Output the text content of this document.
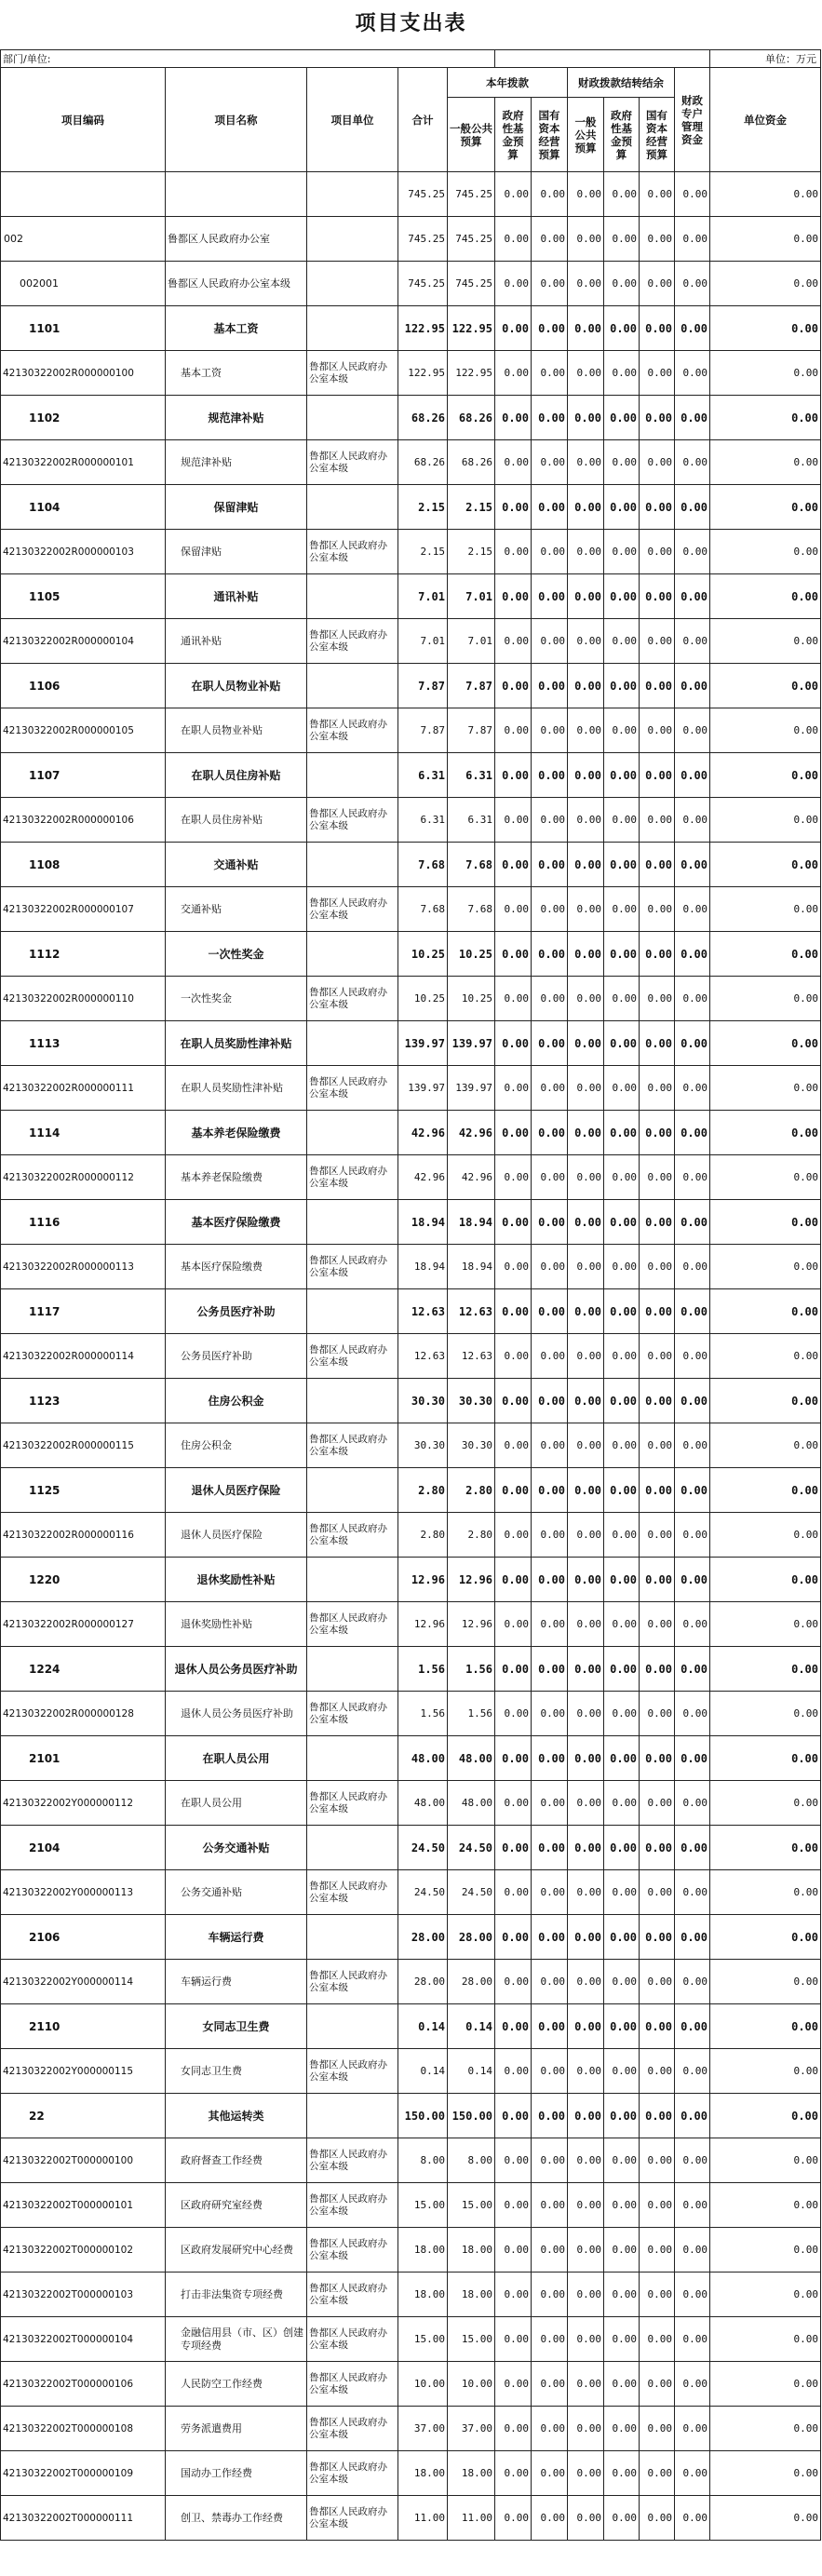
项目支出表
部门/单位:											单位：万元
项目编码	项目名称	项目单位	合计	本年拨款			财政拨款结转结余			财政专户管理资金	单位资金
				一般公共预算	政府性基金预算	国有资本经营预算	一般公共预算	政府性基金预算	国有资本经营预算		
			745.25	745.25	0.00	0.00	0.00	0.00	0.00	0.00	0.00
002	鲁都区人民政府办公室		745.25	745.25	0.00	0.00	0.00	0.00	0.00	0.00	0.00
002001	鲁都区人民政府办公室本级		745.25	745.25	0.00	0.00	0.00	0.00	0.00	0.00	0.00
1101	基本工资		122.95	122.95	0.00	0.00	0.00	0.00	0.00	0.00	0.00
42130322002R000000100	基本工资	鲁都区人民政府办公室本级	122.95	122.95	0.00	0.00	0.00	0.00	0.00	0.00	0.00
1102	规范津补贴		68.26	68.26	0.00	0.00	0.00	0.00	0.00	0.00	0.00
42130322002R000000101	规范津补贴	鲁都区人民政府办公室本级	68.26	68.26	0.00	0.00	0.00	0.00	0.00	0.00	0.00
1104	保留津贴		2.15	2.15	0.00	0.00	0.00	0.00	0.00	0.00	0.00
42130322002R000000103	保留津贴	鲁都区人民政府办公室本级	2.15	2.15	0.00	0.00	0.00	0.00	0.00	0.00	0.00
1105	通讯补贴		7.01	7.01	0.00	0.00	0.00	0.00	0.00	0.00	0.00
42130322002R000000104	通讯补贴	鲁都区人民政府办公室本级	7.01	7.01	0.00	0.00	0.00	0.00	0.00	0.00	0.00
1106	在职人员物业补贴		7.87	7.87	0.00	0.00	0.00	0.00	0.00	0.00	0.00
42130322002R000000105	在职人员物业补贴	鲁都区人民政府办公室本级	7.87	7.87	0.00	0.00	0.00	0.00	0.00	0.00	0.00
1107	在职人员住房补贴		6.31	6.31	0.00	0.00	0.00	0.00	0.00	0.00	0.00
42130322002R000000106	在职人员住房补贴	鲁都区人民政府办公室本级	6.31	6.31	0.00	0.00	0.00	0.00	0.00	0.00	0.00
1108	交通补贴		7.68	7.68	0.00	0.00	0.00	0.00	0.00	0.00	0.00
42130322002R000000107	交通补贴	鲁都区人民政府办公室本级	7.68	7.68	0.00	0.00	0.00	0.00	0.00	0.00	0.00
1112	一次性奖金		10.25	10.25	0.00	0.00	0.00	0.00	0.00	0.00	0.00
42130322002R000000110	一次性奖金	鲁都区人民政府办公室本级	10.25	10.25	0.00	0.00	0.00	0.00	0.00	0.00	0.00
1113	在职人员奖励性津补贴		139.97	139.97	0.00	0.00	0.00	0.00	0.00	0.00	0.00
42130322002R000000111	在职人员奖励性津补贴	鲁都区人民政府办公室本级	139.97	139.97	0.00	0.00	0.00	0.00	0.00	0.00	0.00
1114	基本养老保险缴费		42.96	42.96	0.00	0.00	0.00	0.00	0.00	0.00	0.00
42130322002R000000112	基本养老保险缴费	鲁都区人民政府办公室本级	42.96	42.96	0.00	0.00	0.00	0.00	0.00	0.00	0.00
1116	基本医疗保险缴费		18.94	18.94	0.00	0.00	0.00	0.00	0.00	0.00	0.00
42130322002R000000113	基本医疗保险缴费	鲁都区人民政府办公室本级	18.94	18.94	0.00	0.00	0.00	0.00	0.00	0.00	0.00
1117	公务员医疗补助		12.63	12.63	0.00	0.00	0.00	0.00	0.00	0.00	0.00
42130322002R000000114	公务员医疗补助	鲁都区人民政府办公室本级	12.63	12.63	0.00	0.00	0.00	0.00	0.00	0.00	0.00
1123	住房公积金		30.30	30.30	0.00	0.00	0.00	0.00	0.00	0.00	0.00
42130322002R000000115	住房公积金	鲁都区人民政府办公室本级	30.30	30.30	0.00	0.00	0.00	0.00	0.00	0.00	0.00
1125	退休人员医疗保险		2.80	2.80	0.00	0.00	0.00	0.00	0.00	0.00	0.00
42130322002R000000116	退休人员医疗保险	鲁都区人民政府办公室本级	2.80	2.80	0.00	0.00	0.00	0.00	0.00	0.00	0.00
1220	退休奖励性补贴		12.96	12.96	0.00	0.00	0.00	0.00	0.00	0.00	0.00
42130322002R000000127	退休奖励性补贴	鲁都区人民政府办公室本级	12.96	12.96	0.00	0.00	0.00	0.00	0.00	0.00	0.00
1224	退休人员公务员医疗补助		1.56	1.56	0.00	0.00	0.00	0.00	0.00	0.00	0.00
42130322002R000000128	退休人员公务员医疗补助	鲁都区人民政府办公室本级	1.56	1.56	0.00	0.00	0.00	0.00	0.00	0.00	0.00
2101	在职人员公用		48.00	48.00	0.00	0.00	0.00	0.00	0.00	0.00	0.00
42130322002Y000000112	在职人员公用	鲁都区人民政府办公室本级	48.00	48.00	0.00	0.00	0.00	0.00	0.00	0.00	0.00
2104	公务交通补贴		24.50	24.50	0.00	0.00	0.00	0.00	0.00	0.00	0.00
42130322002Y000000113	公务交通补贴	鲁都区人民政府办公室本级	24.50	24.50	0.00	0.00	0.00	0.00	0.00	0.00	0.00
2106	车辆运行费		28.00	28.00	0.00	0.00	0.00	0.00	0.00	0.00	0.00
42130322002Y000000114	车辆运行费	鲁都区人民政府办公室本级	28.00	28.00	0.00	0.00	0.00	0.00	0.00	0.00	0.00
2110	女同志卫生费		0.14	0.14	0.00	0.00	0.00	0.00	0.00	0.00	0.00
42130322002Y000000115	女同志卫生费	鲁都区人民政府办公室本级	0.14	0.14	0.00	0.00	0.00	0.00	0.00	0.00	0.00
22	其他运转类		150.00	150.00	0.00	0.00	0.00	0.00	0.00	0.00	0.00
42130322002T000000100	政府督查工作经费	鲁都区人民政府办公室本级	8.00	8.00	0.00	0.00	0.00	0.00	0.00	0.00	0.00
42130322002T000000101	区政府研究室经费	鲁都区人民政府办公室本级	15.00	15.00	0.00	0.00	0.00	0.00	0.00	0.00	0.00
42130322002T000000102	区政府发展研究中心经费	鲁都区人民政府办公室本级	18.00	18.00	0.00	0.00	0.00	0.00	0.00	0.00	0.00
42130322002T000000103	打击非法集资专项经费	鲁都区人民政府办公室本级	18.00	18.00	0.00	0.00	0.00	0.00	0.00	0.00	0.00
42130322002T000000104	金融信用县（市、区）创建专项经费	鲁都区人民政府办公室本级	15.00	15.00	0.00	0.00	0.00	0.00	0.00	0.00	0.00
42130322002T000000106	人民防空工作经费	鲁都区人民政府办公室本级	10.00	10.00	0.00	0.00	0.00	0.00	0.00	0.00	0.00
42130322002T000000108	劳务派遣费用	鲁都区人民政府办公室本级	37.00	37.00	0.00	0.00	0.00	0.00	0.00	0.00	0.00
42130322002T000000109	国动办工作经费	鲁都区人民政府办公室本级	18.00	18.00	0.00	0.00	0.00	0.00	0.00	0.00	0.00
42130322002T000000111	创卫、禁毒办工作经费	鲁都区人民政府办公室本级	11.00	11.00	0.00	0.00	0.00	0.00	0.00	0.00	0.00
